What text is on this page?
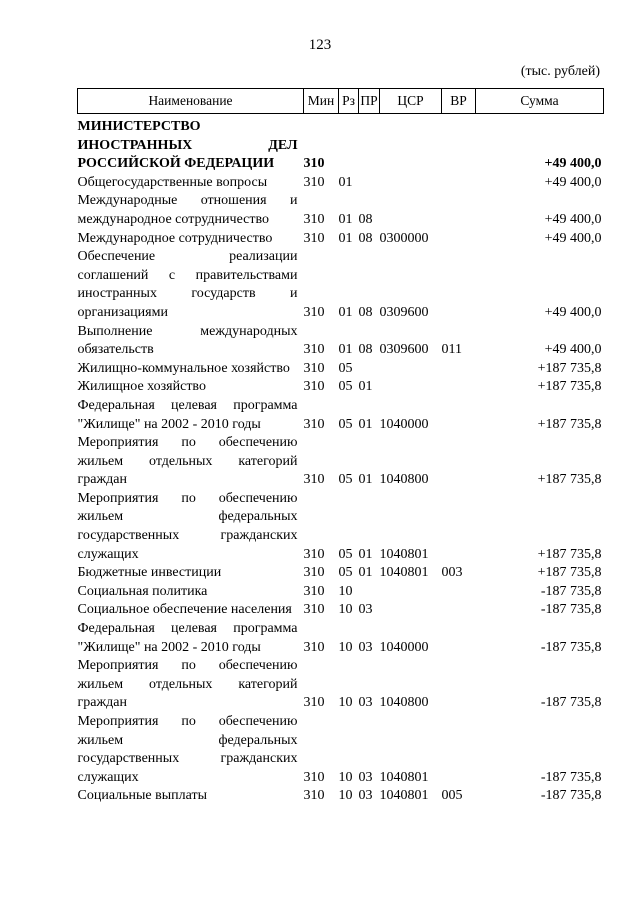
123
(тыс. рублей)
Наименование	Мин	Рз	ПР	ЦСР	ВР	Сумма
МИНИСТЕРСТВО ИНОСТРАННЫХ ДЕЛ РОССИЙСКОЙ ФЕДЕРАЦИИ	310					+49 400,0
Общегосударственные вопросы	310	01				+49 400,0
Международные отношения и международное сотрудничество	310	01	08			+49 400,0
Международное сотрудничество	310	01	08	0300000		+49 400,0
Обеспечение реализации соглашений с правительствами иностранных государств и организациями	310	01	08	0309600		+49 400,0
Выполнение международных обязательств	310	01	08	0309600	011	+49 400,0
Жилищно-коммунальное хозяйство	310	05				+187 735,8
Жилищное хозяйство	310	05	01			+187 735,8
Федеральная целевая программа "Жилище" на 2002 - 2010 годы	310	05	01	1040000		+187 735,8
Мероприятия по обеспечению жильем отдельных категорий граждан	310	05	01	1040800		+187 735,8
Мероприятия по обеспечению жильем федеральных государственных гражданских служащих	310	05	01	1040801		+187 735,8
Бюджетные инвестиции	310	05	01	1040801	003	+187 735,8
Социальная политика	310	10				-187 735,8
Социальное обеспечение населения	310	10	03			-187 735,8
Федеральная целевая программа "Жилище" на 2002 - 2010 годы	310	10	03	1040000		-187 735,8
Мероприятия по обеспечению жильем отдельных категорий граждан	310	10	03	1040800		-187 735,8
Мероприятия по обеспечению жильем федеральных государственных гражданских служащих	310	10	03	1040801		-187 735,8
Социальные выплаты	310	10	03	1040801	005	-187 735,8
